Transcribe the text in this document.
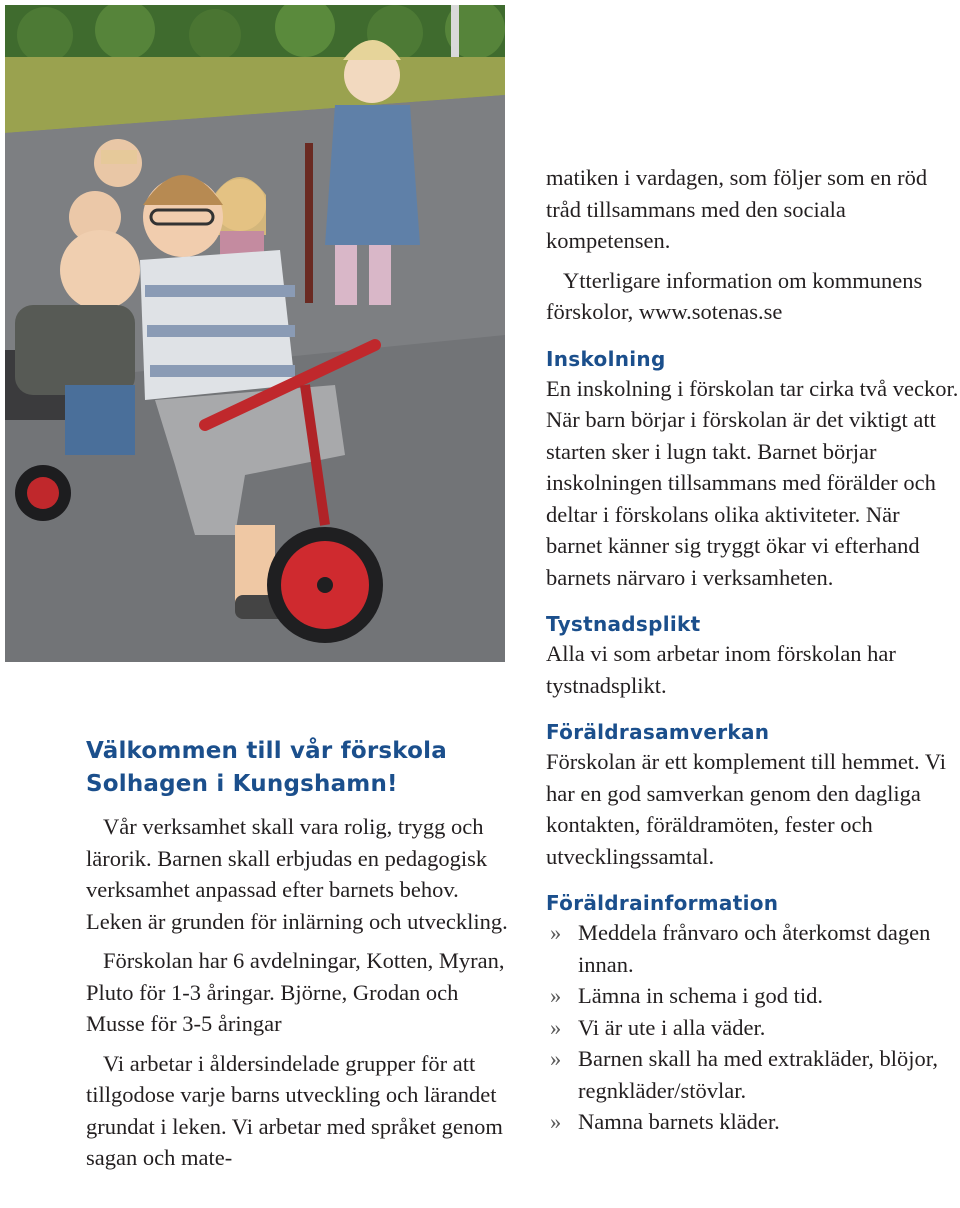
Välkommen till vår förskola
Solhagen i Kungshamn!

Vår verksamhet skall vara rolig, trygg och lärorik. Barnen skall erbjudas en pedagogisk verksamhet anpassad efter barnets behov. Leken är grunden för inlärning och utveckling.

Förskolan har 6 avdelningar, Kotten, Myran, Pluto för 1-3 åringar. Björne, Grodan och Musse för 3-5 åringar

Vi arbetar i åldersindelade grupper för att tillgodose varje barns utveckling och lärandet grundat i leken. Vi arbetar med språket genom sagan och mate-

matiken i vardagen, som följer som en röd tråd tillsammans med den sociala kompetensen.

Ytterligare information om kommunens förskolor, www.sotenas.se

Inskolning

En inskolning i förskolan tar cirka två veckor. När barn börjar i förskolan är det viktigt att starten sker i lugn takt. Barnet börjar inskolningen tillsammans med förälder och deltar i förskolans olika aktiviteter. När barnet känner sig tryggt ökar vi efterhand barnets närvaro i verksamheten.

Tystnadsplikt

Alla vi som arbetar inom förskolan har tystnadsplikt.

Föräldrasamverkan

Förskolan är ett komplement till hemmet. Vi har en god samverkan genom den dagliga kontakten, föräldramöten, fester och utvecklingssamtal.

Föräldrainformation
» Meddela frånvaro och återkomst dagen innan.
» Lämna in schema i god tid.
» Vi är ute i alla väder.
» Barnen skall ha med extrakläder, blöjor, regnkläder/stövlar.
» Namna barnets kläder.
